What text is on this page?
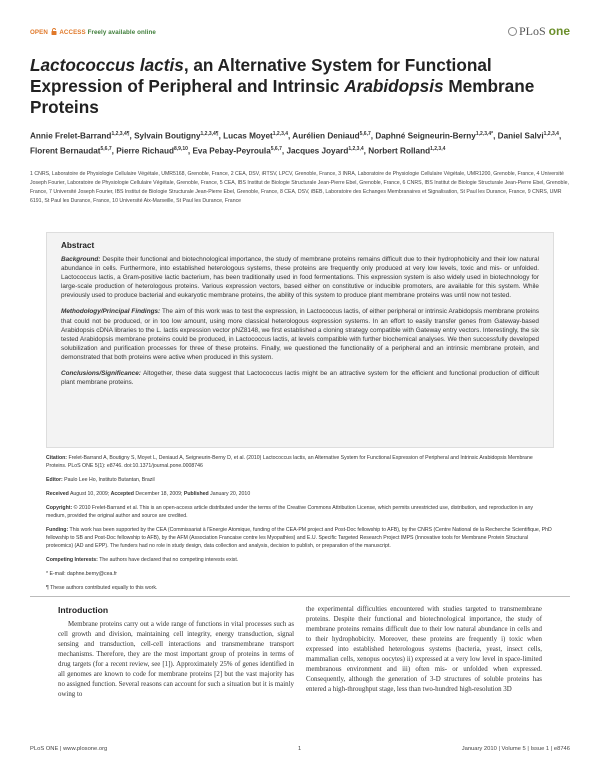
OPEN ACCESS Freely available online	PLoS one
Lactococcus lactis, an Alternative System for Functional Expression of Peripheral and Intrinsic Arabidopsis Membrane Proteins
Annie Frelet-Barrand$^{1,2,3,4\P}$, Sylvain Boutigny$^{1,2,3,4\P}$, Lucas Moyet$^{1,2,3,4}$, Aurélien Deniaud$^{5,6,7}$, Daphné Seigneurin-Berny$^{1,2,3,4*}$, Daniel Salvi$^{1,2,3,4}$, Florent Bernaudat$^{5,6,7}$, Pierre Richaud$^{8,9,10}$, Eva Pebay-Peyroula$^{5,6,7}$, Jacques Joyard$^{1,2,3,4}$, Norbert Rolland$^{1,2,3,4}$
1 CNRS, Laboratoire de Physiologie Cellulaire Végétale, UMR5168, Grenoble, France, 2 CEA, DSV, iRTSV, LPCV, Grenoble, France, 3 INRA, Laboratoire de Physiologie Cellulaire Végétale, UMR1200, Grenoble, France, 4 Université Joseph Fourier, Laboratoire de Physiologie Cellulaire Végétale, Grenoble, France, 5 CEA, IBS Institut de Biologie Structurale Jean-Pierre Ebel, Grenoble, France, 6 CNRS, IBS Institut de Biologie Structurale Jean-Pierre Ebel, Grenoble, France, 7 Université Joseph Fourier, IBS Institut de Biologie Structurale Jean-Pierre Ebel, Grenoble, France, 8 CEA, DSV, iBEB, Laboratoire des Echanges Membranaires et Signalisation, St Paul les Durance, France, 9 CNRS, UMR 6191, St Paul les Durance, France, 10 Université Aix-Marseille, St Paul les Durance, France
Abstract

Background: Despite their functional and biotechnological importance, the study of membrane proteins remains difficult due to their hydrophobicity and their low natural abundance in cells. Furthermore, into established heterologous systems, these proteins are frequently only produced at very low levels, toxic and mis- or unfolded. Lactococcus lactis, a Gram-positive lactic bacterium, has been traditionally used in food fermentations. This expression system is also widely used in biotechnology for large-scale production of heterologous proteins. Various expression vectors, based either on constitutive or inducible promoters, are available for this system. While previously used to produce bacterial and eukaryotic membrane proteins, the ability of this system to produce plant membrane proteins was until now not tested.

Methodology/Principal Findings: The aim of this work was to test the expression, in Lactococcus lactis, of either peripheral or intrinsic Arabidopsis membrane proteins that could not be produced, or in too low amount, using more classical heterologous expression systems. In an effort to easily transfer genes from Gateway-based Arabidopsis cDNA libraries to the L. lactis expression vector pNZ8148, we first established a cloning strategy compatible with Gateway entry vectors. Interestingly, the six tested Arabidopsis membrane proteins could be produced, in Lactococcus lactis, at levels compatible with further biochemical analyses. We then successfully developed solubilization and purification processes for three of these proteins. Finally, we questioned the functionality of a peripheral and an intrinsic membrane protein, and demonstrated that both proteins were active when produced in this system.

Conclusions/Significance: Altogether, these data suggest that Lactococcus lactis might be an attractive system for the efficient and functional production of difficult plant membrane proteins.

Citation: Frelet-Barrand A, Boutigny S, Moyet L, Deniaud A, Seigneurin-Berny D, et al. (2010) Lactococcus lactis, an Alternative System for Functional Expression of Peripheral and Intrinsic Arabidopsis Membrane Proteins. PLoS ONE 5(1): e8746. doi:10.1371/journal.pone.0008746

Editor: Paulo Lee Ho, Instituto Butantan, Brazil

Received August 10, 2009; Accepted December 18, 2009; Published January 20, 2010

Copyright: © 2010 Frelet-Barrand et al. This is an open-access article distributed under the terms of the Creative Commons Attribution License, which permits unrestricted use, distribution, and reproduction in any medium, provided the original author and source are credited.

Funding: This work has been supported by the CEA (Commissariat à l'Energie Atomique, funding of the CEA-PM project and Post-Doc fellowship to AFB), by the CNRS (Centre National de la Recherche Scientifique, PhD fellowship to SB and Post-Doc fellowship to AFB), by the AFM (Association Francaise contre les Myopathies) and E.U. Specific Targeted Research Project IMPS (Innovative tools for Membrane Protein Structural proteomics) (AD and EPP). The funders had no role in study design, data collection and analysis, decision to publish, or preparation of the manuscript.

Competing Interests: The authors have declared that no competing interests exist.

* E-mail: daphne.berny@cea.fr

¶ These authors contributed equally to this work.

Introduction
Membrane proteins carry out a wide range of functions in vital processes such as cell growth and division, maintaining cell integrity, energy transduction, signal sensing and transduction, cell-cell interactions and transmembrane transport mechanisms. Therefore, they are the most important group of proteins in terms of drug targets (for a recent review, see [1]). Approximately 25% of genes identified in all genomes are known to code for membrane proteins [2] but the vast majority has no assigned function. Several reasons can account for such a situation but it is mainly owing to
the experimental difficulties encountered with studies targeted to transmembrane proteins. Despite their functional and biotechnological importance, the study of membrane proteins remains difficult due to their low natural abundance in cells and to their hydrophobicity. Moreover, these proteins are frequently i) toxic when expressed into established heterologous systems (bacteria, yeast, insect cells, mammalian cells, xenopus oocytes) ii) expressed at a very low level in space-limited membranous environment and iii) often mis- or unfolded when expressed. Consequently, although the generation of 3-D structures of soluble proteins has entered a high-throughput stage, less than two-hundred high-resolution 3D
PLoS ONE | www.plosone.org	1	January 2010 | Volume 5 | Issue 1 | e8746
